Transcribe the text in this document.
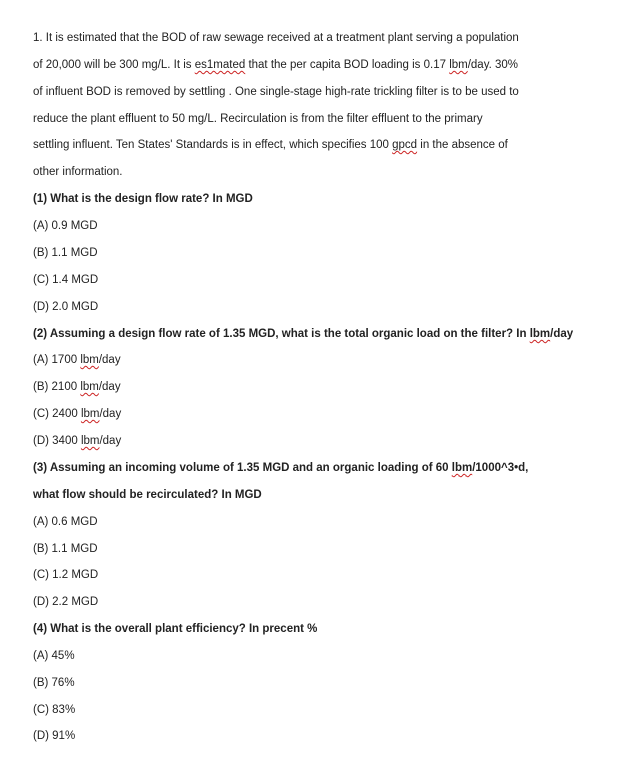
1. It is estimated that the BOD of raw sewage received at a treatment plant serving a population
of 20,000 will be 300 mg/L. It is es1mated that the per capita BOD loading is 0.17 lbm/day. 30%
of influent BOD is removed by settling . One single-stage high-rate trickling filter is to be used to
reduce the plant effluent to 50 mg/L. Recirculation is from the filter effluent to the primary
settling influent. Ten States' Standards is in effect, which specifies 100 gpcd in the absence of
other information.
(1) What is the design flow rate? In MGD
(A) 0.9 MGD
(B) 1.1 MGD
(C) 1.4 MGD
(D) 2.0 MGD
(2) Assuming a design flow rate of 1.35 MGD, what is the total organic load on the filter? In lbm/day
(A) 1700 lbm/day
(B) 2100 lbm/day
(C) 2400 lbm/day
(D) 3400 lbm/day
(3) Assuming an incoming volume of 1.35 MGD and an organic loading of 60 lbm/1000^3•d,
what flow should be recirculated? In MGD
(A) 0.6 MGD
(B) 1.1 MGD
(C) 1.2 MGD
(D) 2.2 MGD
(4) What is the overall plant efficiency? In precent %
(A) 45%
(B) 76%
(C) 83%
(D) 91%
